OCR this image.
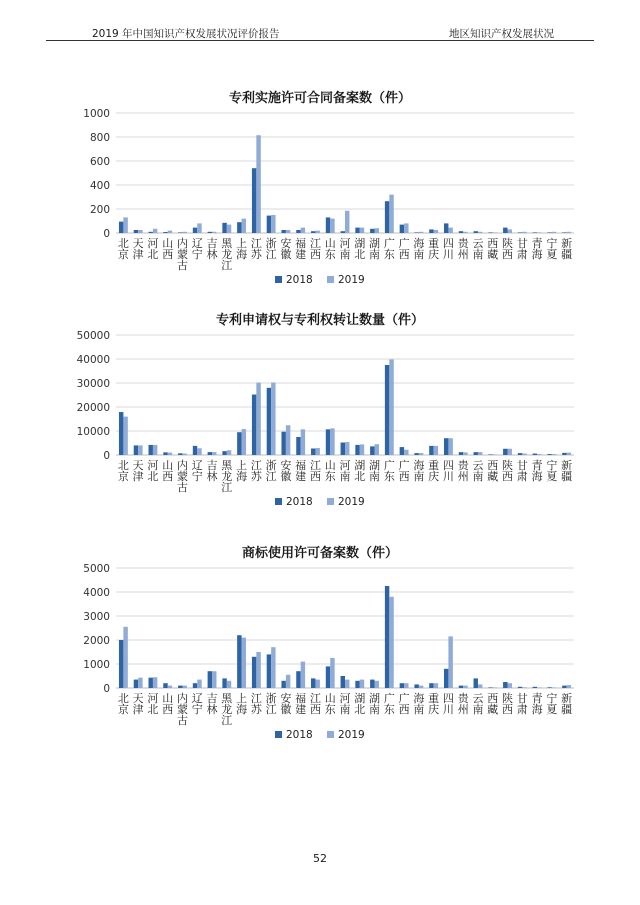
2019 年中国知识产权发展状况评价报告	地区知识产权发展状况
专利实施许可合同备案数（件）
0
200
400
600
800
1000
北京
天津
河北
山西
内蒙古
辽宁
吉林
黑龙江
上海
江苏
浙江
安徽
福建
江西
山东
河南
湖北
湖南
广东
广西
海南
重庆
四川
贵州
云南
西藏
陕西
甘肃
青海
宁夏
新疆
2018 2019
专利申请权与专利权转让数量（件）
0
10000
20000
30000
40000
50000
北京
天津
河北
山西
内蒙古
辽宁
吉林
黑龙江
上海
江苏
浙江
安徽
福建
江西
山东
河南
湖北
湖南
广东
广西
海南
重庆
四川
贵州
云南
西藏
陕西
甘肃
青海
宁夏
新疆
2018 2019
商标使用许可备案数（件）
0
1000
2000
3000
4000
5000
北京
天津
河北
山西
内蒙古
辽宁
吉林
黑龙江
上海
江苏
浙江
安徽
福建
江西
山东
河南
湖北
湖南
广东
广西
海南
重庆
四川
贵州
云南
西藏
陕西
甘肃
青海
宁夏
新疆
2018 2019
52
